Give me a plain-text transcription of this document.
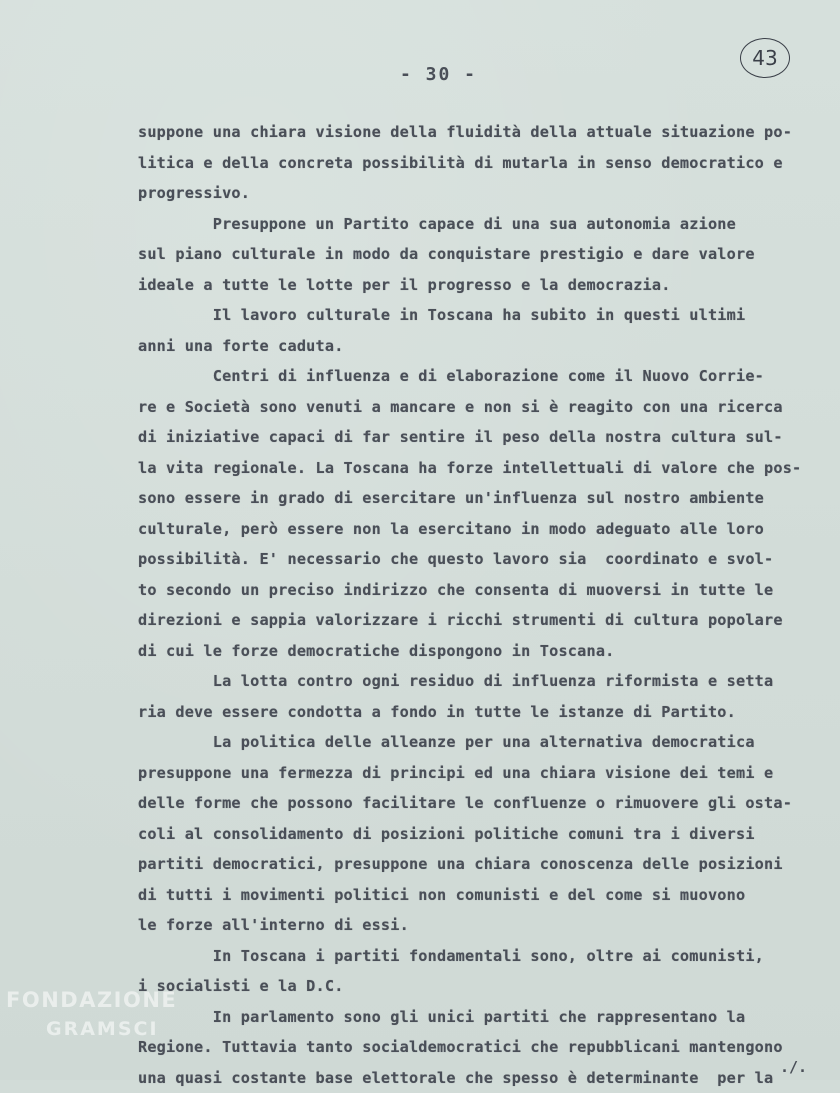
- 30 -
43
suppone una chiara visione della fluidità della attuale situazione po-
litica e della concreta possibilità di mutarla in senso democratico e
progressivo.
Presuppone un Partito capace di una sua autonomia azione
sul piano culturale in modo da conquistare prestigio e dare valore
ideale a tutte le lotte per il progresso e la democrazia.
Il lavoro culturale in Toscana ha subito in questi ultimi
anni una forte caduta.
Centri di influenza e di elaborazione come il Nuovo Corrie-
re e Società sono venuti a mancare e non si è reagito con una ricerca
di iniziative capaci di far sentire il peso della nostra cultura sul-
la vita regionale. La Toscana ha forze intellettuali di valore che pos-
sono essere in grado di esercitare un'influenza sul nostro ambiente
culturale, però essere non la esercitano in modo adeguato alle loro
possibilità. E' necessario che questo lavoro sia  coordinato e svol-
to secondo un preciso indirizzo che consenta di muoversi in tutte le
direzioni e sappia valorizzare i ricchi strumenti di cultura popolare
di cui le forze democratiche dispongono in Toscana.
La lotta contro ogni residuo di influenza riformista e setta
ria deve essere condotta a fondo in tutte le istanze di Partito.
La politica delle alleanze per una alternativa democratica
presuppone una fermezza di principi ed una chiara visione dei temi e
delle forme che possono facilitare le confluenze o rimuovere gli osta-
coli al consolidamento di posizioni politiche comuni tra i diversi
partiti democratici, presuppone una chiara conoscenza delle posizioni
di tutti i movimenti politici non comunisti e del come si muovono
le forze all'interno di essi.
In Toscana i partiti fondamentali sono, oltre ai comunisti,
i socialisti e la D.C.
In parlamento sono gli unici partiti che rappresentano la
Regione. Tuttavia tanto socialdemocratici che repubblicani mantengono
una quasi costante base elettorale che spesso è determinante  per la
FONDAZIONE
GRAMSCI
./.
